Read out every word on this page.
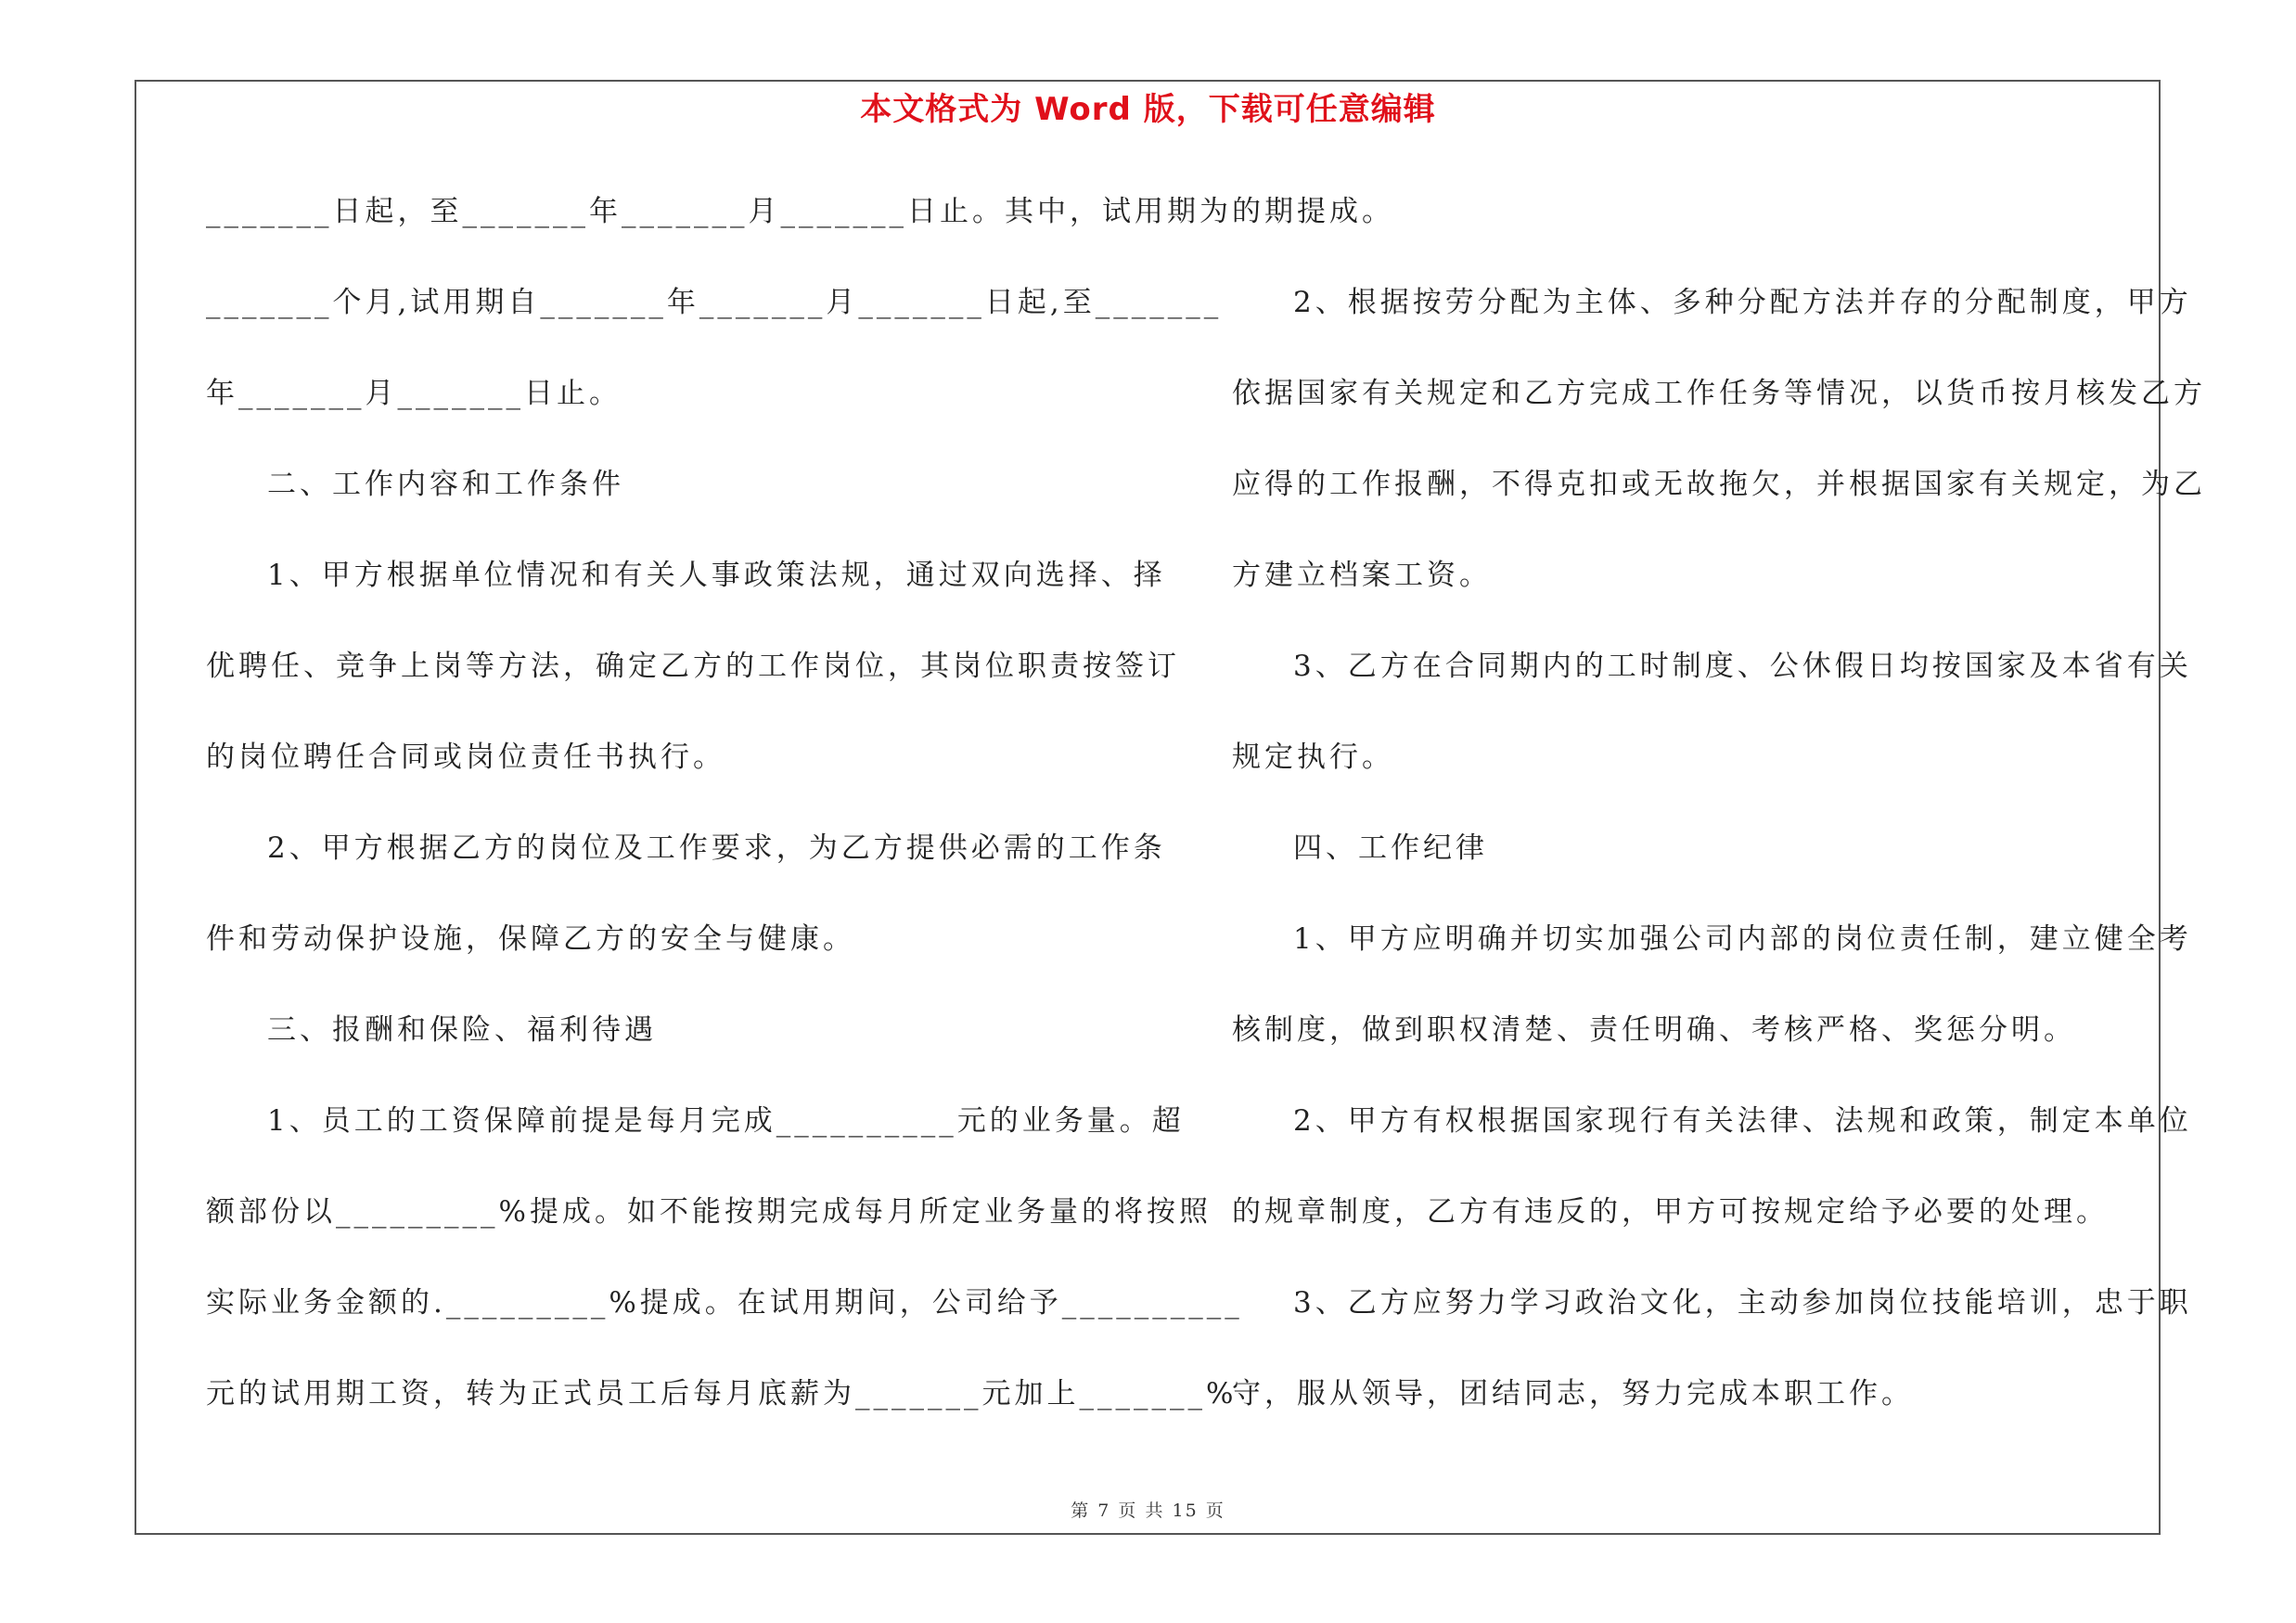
本文格式为 Word 版，下载可任意编辑
_______日起，至_______年_______月_______日止。其中，试用期为
_______个月,试用期自_______年_______月_______日起,至_______
年_______月_______日止。
二、工作内容和工作条件
1、甲方根据单位情况和有关人事政策法规，通过双向选择、择
优聘任、竞争上岗等方法，确定乙方的工作岗位，其岗位职责按签订
的岗位聘任合同或岗位责任书执行。
2、甲方根据乙方的岗位及工作要求，为乙方提供必需的工作条
件和劳动保护设施，保障乙方的安全与健康。
三、报酬和保险、福利待遇
1、员工的工资保障前提是每月完成__________元的业务量。超
额部份以_________%提成。如不能按期完成每月所定业务量的将按照
实际业务金额的._________%提成。在试用期间，公司给予__________
元的试用期工资，转为正式员工后每月底薪为_______元加上_______%
的期提成。
2、根据按劳分配为主体、多种分配方法并存的分配制度，甲方
依据国家有关规定和乙方完成工作任务等情况，以货币按月核发乙方
应得的工作报酬，不得克扣或无故拖欠，并根据国家有关规定，为乙
方建立档案工资。
3、乙方在合同期内的工时制度、公休假日均按国家及本省有关
规定执行。
四、工作纪律
1、甲方应明确并切实加强公司内部的岗位责任制，建立健全考
核制度，做到职权清楚、责任明确、考核严格、奖惩分明。
2、甲方有权根据国家现行有关法律、法规和政策，制定本单位
的规章制度，乙方有违反的，甲方可按规定给予必要的处理。
3、乙方应努力学习政治文化，主动参加岗位技能培训，忠于职
守，服从领导，团结同志，努力完成本职工作。
第 7 页 共 15 页
